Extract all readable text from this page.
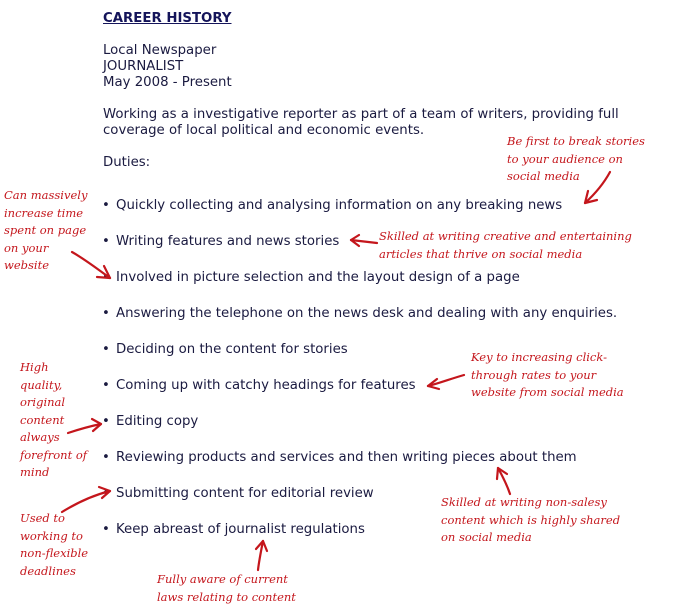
CAREER HISTORY
Local Newspaper
JOURNALIST
May 2008 - Present
Working as a investigative reporter as part of a team of writers, providing full coverage of local political and economic events.
Duties:
• Quickly collecting and analysing information on any breaking news
• Writing features and news stories
• Involved in picture selection and the layout design of a page
• Answering the telephone on the news desk and dealing with any enquiries.
• Deciding on the content for stories
• Coming up with catchy headings for features
• Editing copy
• Reviewing products and services and then writing pieces about them
• Submitting content for editorial review
• Keep abreast of journalist regulations
Be first to break stories
to your audience on
social media
Can massively
increase time
spent on page
on your
website
Skilled at writing creative and entertaining
articles that thrive on social media
Key to increasing click-
through rates to your
website from social media
High
quality,
original
content
always
forefront of
mind
Skilled at writing non-salesy
content which is highly shared
on social media
Used to
working to
non-flexible
deadlines
Fully aware of current
laws relating to content
